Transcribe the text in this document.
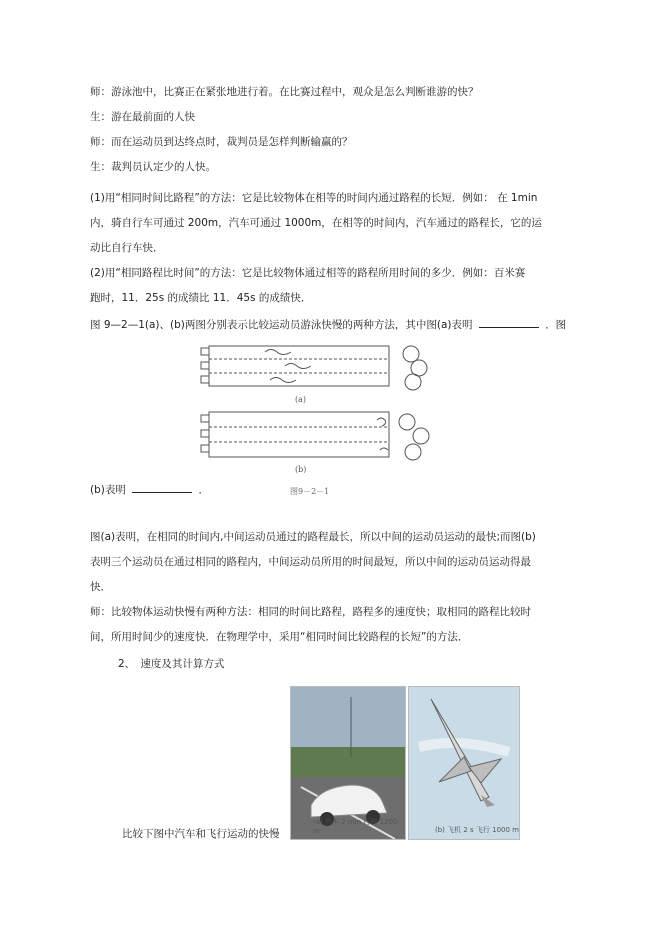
师：游泳池中，比赛正在紧张地进行着。在比赛过程中，观众是怎么判断谁游的快？
生：游在最前面的人快
师：而在运动员到达终点时，裁判员是怎样判断输赢的？
生：裁判员认定少的人快。
(1)用“相同时间比路程”的方法：它是比较物体在相等的时间内通过路程的长短．例如： 在 1min
内，骑自行车可通过 200m，汽车可通过 1000m，在相等的时间内，汽车通过的路程长，它的运
动比自行车快．
(2)用“相同路程比时间”的方法：它是比较物体通过相等的路程所用时间的多少．例如：百米赛
跑时，11．25s 的成绩比 11．45s 的成绩快．
图 9—2—1(a)、(b)两图分别表示比较运动员游泳快慢的两种方法，其中图(a)表明	．图
(a)
(b)
(b)表明	．	图9－2－1
图(a)表明，在相同的时间内,中间运动员通过的路程最长，所以中间的运动员运动的最快;而图(b)
表明三个运动员在通过相同的路程内，中间运动员所用的时间最短，所以中间的运动员运动得最
快．
师：比较物体运动快慢有两种方法：相同的时间比路程，路程多的速度快；取相同的路程比较时
间，所用时间少的速度快．在物理学中，采用“相同时间比较路程的长短”的方法．
2、　速度及其计算方式
(a) 汽车 2 min 行驶 1200 m	(b) 飞机 2 s 飞行 1000 m
比较下图中汽车和飞行运动的快慢
